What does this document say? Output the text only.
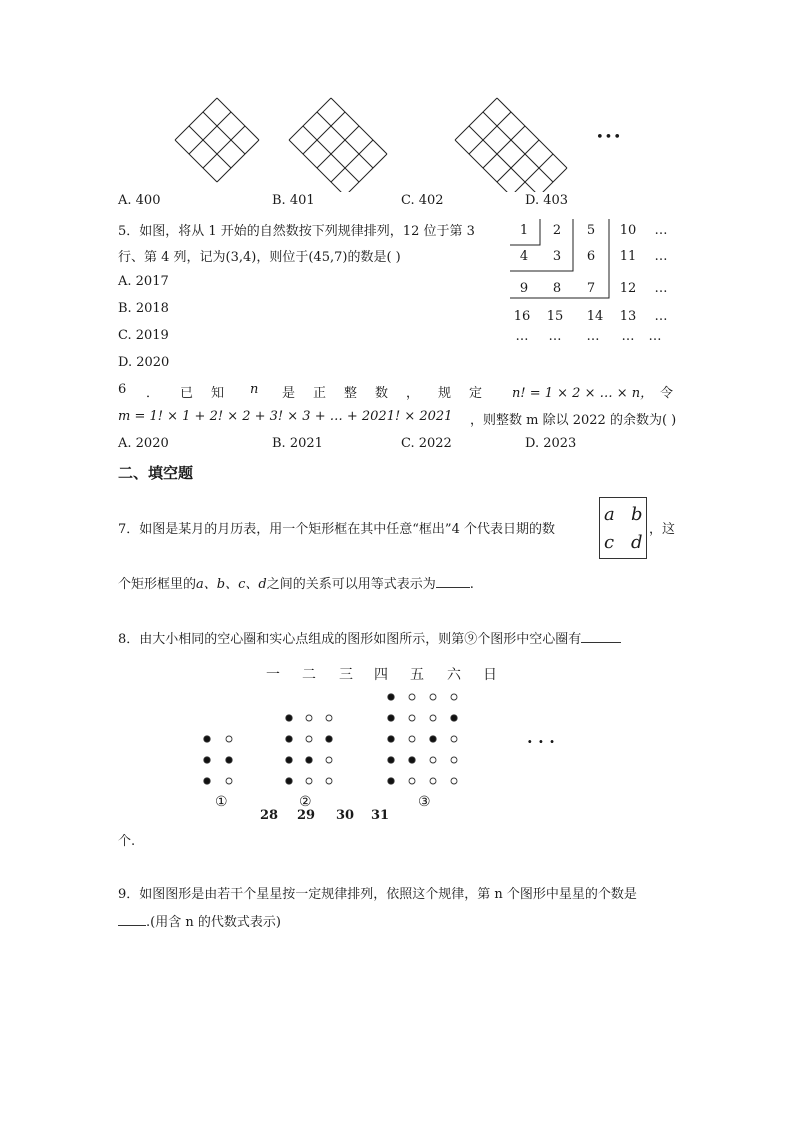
•••
A. 400	B. 401	C. 402	D. 403
5．如图，将从 1 开始的自然数按下列规律排列，12 位于第 3
行、第 4 列，记为(3,4)，则位于(45,7)的数是( )
A. 2017
B. 2018
C. 2019
D. 2020
1 2 5 10 …
4 3 6 11 …
9 8 7 12 …
16 15 14 13 …
… … … … …
6 ． 已 知 n 是 正 整 数 ， 规 定 n! = 1 × 2 × … × n， 令
m = 1! × 1 + 2! × 2 + 3! × 3 + … + 2021! × 2021 ，则整数 m 除以 2022 的余数为( )
A. 2020	B. 2021	C. 2022	D. 2023
二、填空题
7．如图是某月的月历表，用一个矩形框在其中任意“框出”4 个代表日期的数
a b
c d
，这
个矩形框里的a、b、c、d之间的关系可以用等式表示为	.
8．由大小相同的空心圈和实心点组成的图形如图所示，则第⑨个图形中空心圈有
一 二 三 四 五 六 日
· · ·
①	②	③
28 29 30 31
个.
9．如图图形是由若干个星星按一定规律排列，依照这个规律，第 n 个图形中星星的个数是
.(用含 n 的代数式表示)
